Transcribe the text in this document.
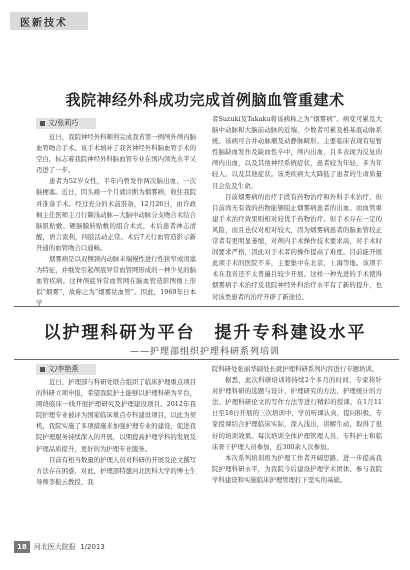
医新技术
我院神经外科成功完成首例脑血管重建术
文/张莉巧

近日，我院神经外科顺利完成我省第一例颅外颅内脑血管吻合手术。该手术填补了我省神经外科脑血管手术的空白，标志着我院神经外科脑血管专业在国内领先水平又迈进了一步。

患者为52岁女性，半年内曾发作两次脑出血，一次脑梗塞。近日，因头痛一个月就诊断为烟雾病，收住我院并准备手术。经过充分的术前准备，12月26日，由许政枫主任医师主刀行颞浅动脉—大脑中动脉分支吻合术结合脑肌贴敷、硬脑膜转贴敷的组合术式，术后患者神志清醒，语言流利，四肢活动正常。术后7天行血管造影示新开通的血管吻合口通畅。

烟雾病是以双侧颈内动脉末端慢性进行性狭窄或闭塞为特征，并继发引起颅底异常血管网形成的一种少见的脑血管疾病。这种颅底异常血管网在脑血管造影图像上形似“烟雾”，故称之为“烟雾状血管”。因此，1969年日本学

者Suzuki及Takaku将该病称之为“烟雾病”。病变可累及大脑中动脉和大脑前动脉的近端，少数者可累及椎基底动脉系统。该病可合并动脉瘤及动静脉畸形。主要临床表现有短暂性脑缺血发作及缺血性卒中，颅内出血，且多表现为反复的颅内出血，以及其他神经系统症状，患者较为年轻，多为年轻人。以及其他症状。该类疾病大大降低了患者的生命质量且会危及生命。

目前烟雾病的治疗手段有药物治疗和外科手术治疗，但目前尚无有效的药物能够阻止烟雾病患者的出血。而血管重建手术治疗效果则相对较优于药物治疗。但手术存在一定的风险，而且也仅对相对较大，因为烟雾病患者的脑血管较正常者有更明显萎缩，对颅内手术操作技术要求高，对手术时间要求严格，因此对于术者的操作提高了难度。目前能开展此项手术的医院不多，主要集中在北京、上海等地。该项手术在我省还不太普遍且较少开展。这样一种先进的手术使得烟雾病手术治疗及我院神经外科治疗水平有了新的提升，也对该类患者的治疗开辟了新途径。

以护理科研为平台　提升专科建设水平
——护理部组织护理科研系列培训
文/李艳燕

近日，护理部与科研处联合组织了临床护理重点项目的科研立项申报，希望我院护士能够以护理科研为平台，围绕临床一线开展护理研究及护理建设项目。2012年我院护理专业被评为国家临床重点专科建设项目，以此为契机，我院实施了多项措施来加强护理专业的建设，促进我院护理服务持续深入的开展，以期提高护理学科的发展及护理品质提升，更好的为护理专业服务。

目前有相当数量的护理人员对科研的开展及论文撰写方法存在困惑，对此，护理部特邀河北医科大学的博士生导师李振云教授、我

院科研处张丽华副处长就护理科研系列内容进行专题培训。

据悉，此次科研培训将持续2个多月的时间，专家将针对护理科研的选题与设计、护理研究的方法、护理统计的方法、护理科研论文的写作方法等进行精彩的授课。在1月11日至18日开展的三次培训中，学员听课认真，提问积极。专家授课结合护理临床实际，深入浅出，讲解生动，取得了很好的培训效果。每次培训全体护理管理人员、专科护士和临床骨干护理人员参加，近300余人次参加。

本次系列培训将为护理工作者开阔思路，进一步提高我院护理科研水平，为我院今后建设护理学术团体、参与我院学科建设和实施临床护理管理打下坚实的基础。

18 河北医大院报 1/2013
